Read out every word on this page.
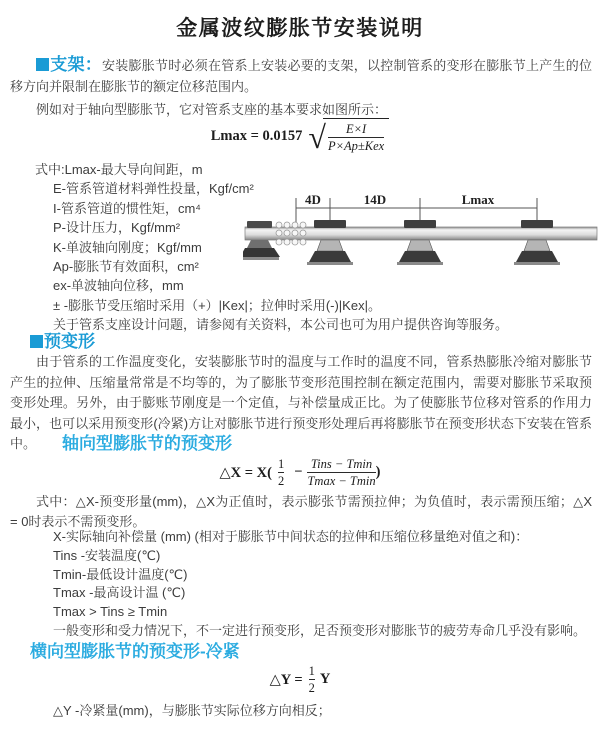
金属波纹膨胀节安装说明

支架：安装膨胀节时必须在管系上安装必要的支架，以控制管系的变形在膨胀节上产生的位移方向并限制在膨胀节的额定位移范围内。

例如对于轴向型膨胀节，它对管系支座的基本要求如图所示：

Lmax = 0.0157 √ $\frac{E\times I}{\text{P×Ap±Kex}}$
式中:Lmax-最大导向间距，m
E-管系管道材料弹性投量，Kgf/cm²
I-管系管道的惯性矩，cm⁴
P-设计压力，Kgf/mm²
K-单波轴向刚度；Kgf/mm
Ap-膨胀节有效面积，cm²
ex-单波轴向位移，mm
± -膨胀节受压缩时采用（+）|Kex|；拉伸时采用(-)|Kex|。
关于管系支座设计问题，请参阅有关资料，本公司也可为用户提供咨询等服务。
4D	14D	Lmax
预变形

由于管系的工作温度变化，安装膨胀节时的温度与工作时的温度不同，管系热膨胀冷缩对膨胀节产生的拉伸、压缩量常常是不均等的，为了膨胀节变形范围控制在额定范围内，需要对膨胀节采取预变形处理。另外，由于膨账节刚度是一个定值，与补偿量成正比。为了使膨胀节位移对管系的作用力最小，也可以采用预变形(冷紧)方让对膨胀节进行预变形处理后再将膨胀节在预变形状态下安装在管系中。	轴向型膨胀节的预变形
△X = $X( \frac{1}{2} - \frac{\text{Tins − Tmin}}{Tmax - Tmin}$ )

式中：△X-预变形量(mm)，△X为正值时，表示膨张节需预拉伸；为负值时，表示需预压缩；△X = 0时表示不需预变形。

X-实际轴向补偿量 (mm) (相对于膨胀节中间状态的拉伸和压缩位移量绝对值之和)：
Tins -安装温度(℃)
Tmin-最低设计温度(℃)
Tmax -最高设计温 (℃)
Tmax > Tins ≥ Tmin
一般变形和受力情况下，不一定进行预变形，足否预变形对膨胀节的疲劳寿命几乎没有影响。
横向型膨胀节的预变形-冷紧
△Y = $\frac{1}{2}$ Y
△Y -冷紧量(mm)，与膨胀节实际位移方向相反；
